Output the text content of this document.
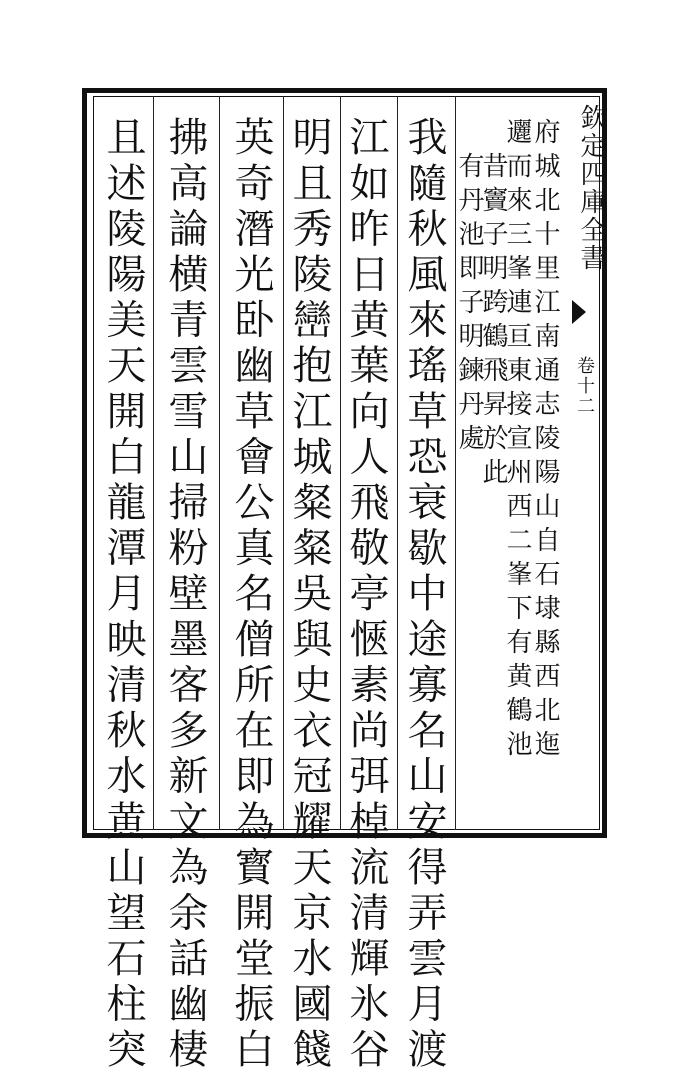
欽定四庫全書
卷十二
府城北十里江南通志陵陽山自石埭縣西北迤
邐而來三峯連亘東接宣州西二峯下有黄鶴池
昔竇子明跨鶴飛昇於此
有丹池即子明鍊丹處
我隨秋風來瑤草恐衰歇中途寡名山安得弄雲月渡
江如昨日黄葉向人飛敬亭愜素尚弭棹流清輝氷谷
明且秀陵巒抱江城粲粲吳與史衣冠耀天京水國餞
英奇潛光卧幽草會公真名僧所在即為寳開堂振白
拂高論横青雲雪山掃粉壁墨客多新文為余話幽棲
且述陵陽美天開白龍潭月映清秋水黄山望石柱突
